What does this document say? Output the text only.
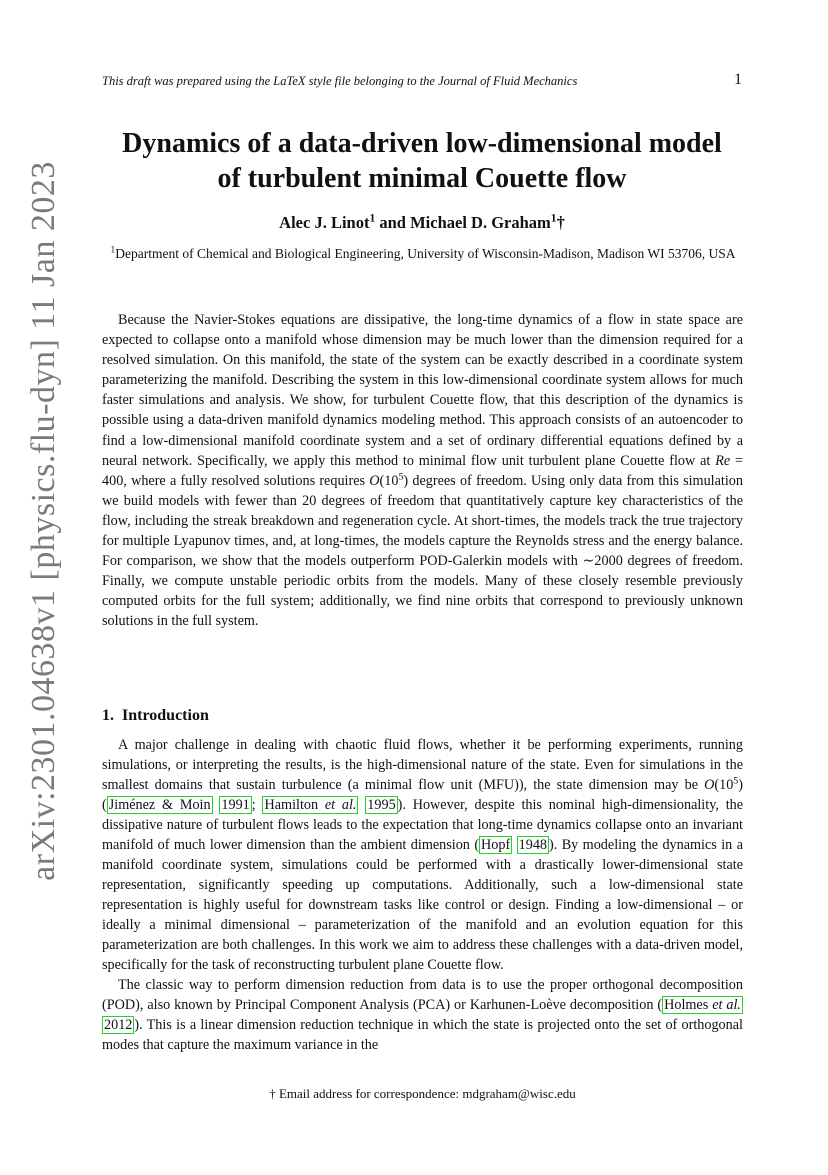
arXiv:2301.04638v1 [physics.flu-dyn] 11 Jan 2023
This draft was prepared using the LaTeX style file belonging to the Journal of Fluid Mechanics	1
Dynamics of a data-driven low-dimensional model
of turbulent minimal Couette flow
Alec J. Linot$^1$ and Michael D. Graham$^1$†
$^1$Department of Chemical and Biological Engineering, University of Wisconsin-Madison, Madison WI 53706, USA

Because the Navier-Stokes equations are dissipative, the long-time dynamics of a flow in state space are expected to collapse onto a manifold whose dimension may be much lower than the dimension required for a resolved simulation. On this manifold, the state of the system can be exactly described in a coordinate system parameterizing the manifold. Describing the system in this low-dimensional coordinate system allows for much faster simulations and analysis. We show, for turbulent Couette flow, that this description of the dynamics is possible using a data-driven manifold dynamics modeling method. This approach consists of an autoencoder to find a low-dimensional manifold coordinate system and a set of ordinary differential equations defined by a neural network. Specifically, we apply this method to minimal flow unit turbulent plane Couette flow at Re = 400, where a fully resolved solutions requires $O(10^5)$ degrees of freedom. Using only data from this simulation we build models with fewer than 20 degrees of freedom that quantitatively capture key characteristics of the flow, including the streak breakdown and regeneration cycle. At short-times, the models track the true trajectory for multiple Lyapunov times, and, at long-times, the models capture the Reynolds stress and the energy balance. For comparison, we show that the models outperform POD-Galerkin models with ∼2000 degrees of freedom. Finally, we compute unstable periodic orbits from the models. Many of these closely resemble previously computed orbits for the full system; additionally, we find nine orbits that correspond to previously unknown solutions in the full system.

1. Introduction

A major challenge in dealing with chaotic fluid flows, whether it be performing experiments, running simulations, or interpreting the results, is the high-dimensional nature of the state. Even for simulations in the smallest domains that sustain turbulence (a minimal flow unit (MFU)), the state dimension may be $O(10^5)$ ( Jiménez & Moin 1991 ; Hamilton et al. 1995 ). However, despite this nominal high-dimensionality, the dissipative nature of turbulent flows leads to the expectation that long-time dynamics collapse onto an invariant manifold of much lower dimension than the ambient dimension ( Hopf 1948 ). By modeling the dynamics in a manifold coordinate system, simulations could be performed with a drastically lower-dimensional state representation, significantly speeding up computations. Additionally, such a low-dimensional state representation is highly useful for downstream tasks like control or design. Finding a low-dimensional – or ideally a minimal dimensional – parameterization of the manifold and an evolution equation for this parameterization are both challenges. In this work we aim to address these challenges with a data-driven model, specifically for the task of reconstructing turbulent plane Couette flow.

The classic way to perform dimension reduction from data is to use the proper orthogonal decomposition (POD), also known by Principal Component Analysis (PCA) or Karhunen-Loève decomposition ( Holmes et al. 2012 ). This is a linear dimension reduction technique in which the state is projected onto the set of orthogonal modes that capture the maximum variance in the

† Email address for correspondence: mdgraham@wisc.edu
